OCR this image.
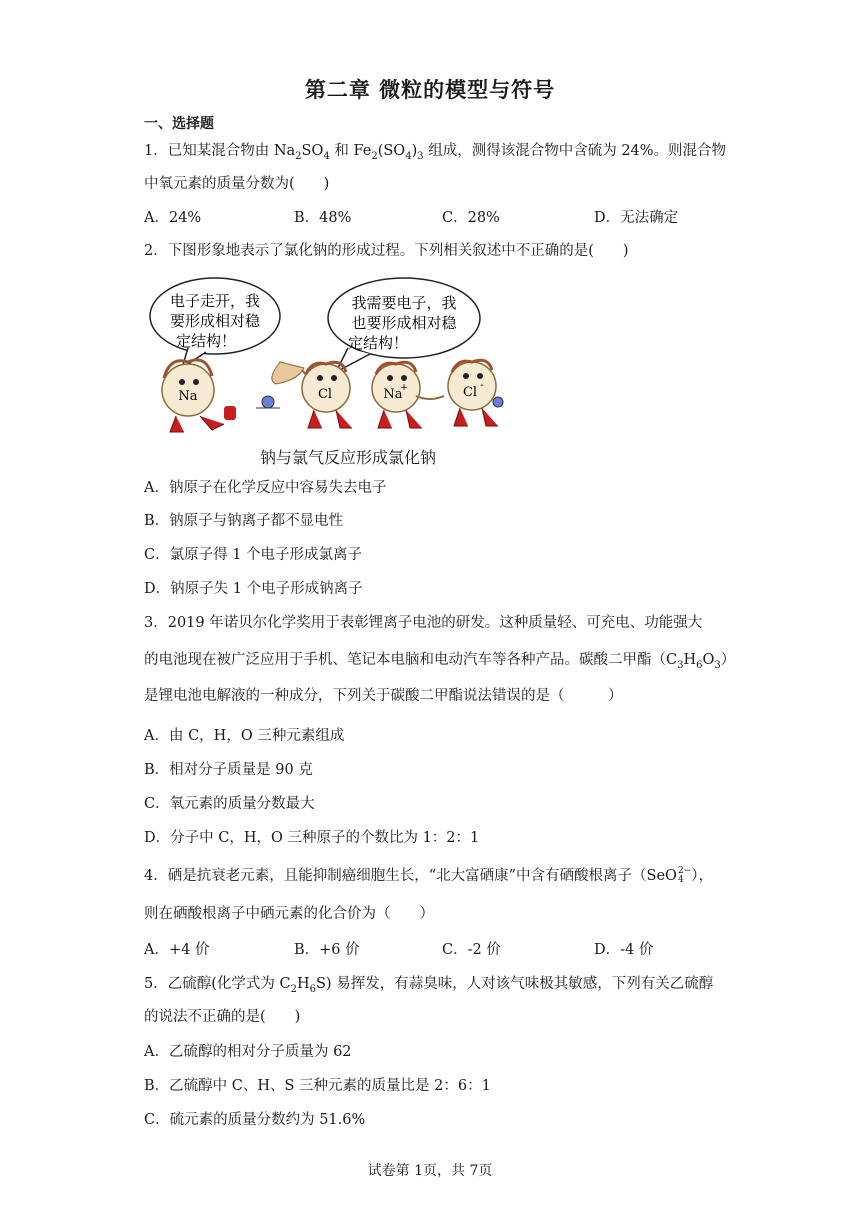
第二章 微粒的模型与符号
一、选择题
1．已知某混合物由 $Na_2SO_4$ 和 $Fe_2(SO_4)_3$ 组成，测得该混合物中含硫为 24%。则混合物
中氧元素的质量分数为(　　)
A．24%	B．48%	C．28%	D．无法确定
2．下图形象地表示了氯化钠的形成过程。下列相关叙述中不正确的是(　　)
电子走开，我
要形成相对稳
定结构！
我需要电子，我
也要形成相对稳
定结构！
Na	Cl	Na
+	Cl -
钠与氯气反应形成氯化钠
A．钠原子在化学反应中容易失去电子
B．钠原子与钠离子都不显电性
C．氯原子得 1 个电子形成氯离子
D．钠原子失 1 个电子形成钠离子
3．2019 年诺贝尔化学奖用于表彰锂离子电池的研发。这种质量轻、可充电、功能强大
的电池现在被广泛应用于手机、笔记本电脑和电动汽车等各种产品。碳酸二甲酯$(C_3H_6O_3)$
是锂电池电解液的一种成分，下列关于碳酸二甲酯说法错误的是（　　　）
A．由 C，H，O 三种元素组成
B．相对分子质量是 90 克
C．氧元素的质量分数最大
D．分子中 C，H，O 三种原子的个数比为 1：2：1
4．硒是抗衰老元素，且能抑制癌细胞生长，“北大富硒康”中含有硒酸根离子（SeO 2−
4 ），
则在硒酸根离子中硒元素的化合价为（　　）
A．+4 价	B．+6 价	C．-2 价	D．-4 价
5．乙硫醇(化学式为 $C_2H_6S$) 易挥发，有蒜臭味，人对该气味极其敏感，下列有关乙硫醇
的说法不正确的是(　　)
A．乙硫醇的相对分子质量为 62
B．乙硫醇中 C、H、S 三种元素的质量比是 2：6：1
C．硫元素的质量分数约为 51.6%
试卷第 1页，共 7页
